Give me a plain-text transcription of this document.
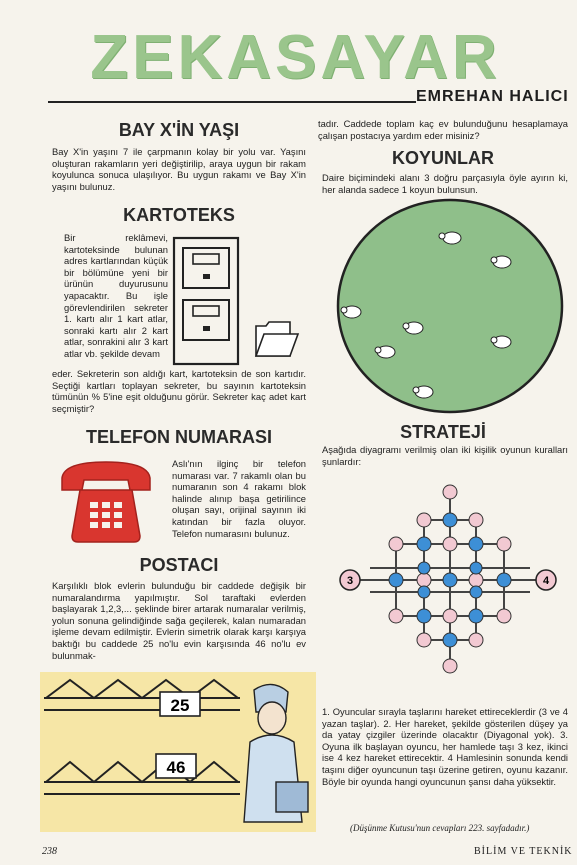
ZEKASAYAR
EMREHAN HALICI
BAY X'İN YAŞI
Bay X'in yaşını 7 ile çarpmanın kolay bir yolu var. Yaşını oluşturan rakamların yeri değiştirilip, araya uygun bir rakam koyulunca sonuca ulaşılıyor. Bu uygun rakamı ve Bay X'in yaşını bulunuz.
KARTOTEKS
Bir reklâmevi, kartoteksinde bulunan adres kartlarından küçük bir bölümüne yeni bir ürünün duyurusunu yapacaktır. Bu işle görevlendirilen sekreter 1. kartı alır 1 kart atlar, sonraki kartı alır 2 kart atlar, sonrakini alır 3 kart atlar vb. şekilde devam
eder. Sekreterin son aldığı kart, kartoteksin de son kartıdır. Seçtiği kartları toplayan sekreter, bu sayının kartoteksin tümünün % 5'ine eşit olduğunu görür. Sekreter kaç adet kart seçmiştir?
TELEFON NUMARASI
Aslı'nın ilginç bir telefon numarası var. 7 rakamlı olan bu numaranın son 4 rakamı blok halinde alınıp başa getirilince oluşan sayı, orijinal sayının iki katından bir fazla oluyor. Telefon numarasını bulunuz.
POSTACI
Karşılıklı blok evlerin bulunduğu bir caddede değişik bir numaralandırma yapılmıştır. Sol taraftaki evlerden başlayarak 1,2,3,... şeklinde birer artarak numaralar verilmiş, yolun sonuna gelindiğinde sağa geçilerek, kalan numaradan işleme devam edilmiştir. Evlerin simetrik olarak karşı karşıya baktığı bu caddede 25 no'lu evin karşısında 46 no'lu ev bulunmak-
25
46
tadır. Caddede toplam kaç ev bulunduğunu hesaplamaya çalışan postacıya yardım eder misiniz?
KOYUNLAR
Daire biçimindeki alanı 3 doğru parçasıyla öyle ayırın ki, her alanda sadece 1 koyun bulunsun.
STRATEJİ
Aşağıda diyagramı verilmiş olan iki kişilik oyunun kuralları şunlardır:
3	4
1. Oyuncular sırayla taşlarını hareket ettireceklerdir (3 ve 4 yazan taşlar). 2. Her hareket, şekilde gösterilen düşey ya da yatay çizgiler üzerinde olacaktır (Diyagonal yok). 3. Oyuna ilk başlayan oyuncu, her hamlede taşı 3 kez, ikinci ise 4 kez hareket ettirecektir. 4 Hamlesinin sonunda kendi taşını diğer oyuncunun taşı üzerine getiren, oyunu kazanır. Böyle bir oyunda hangi oyuncunun şansı daha yüksektir.
(Düşünme Kutusu'nun cevapları 223. sayfadadır.)
238	BİLİM VE TEKNİK
